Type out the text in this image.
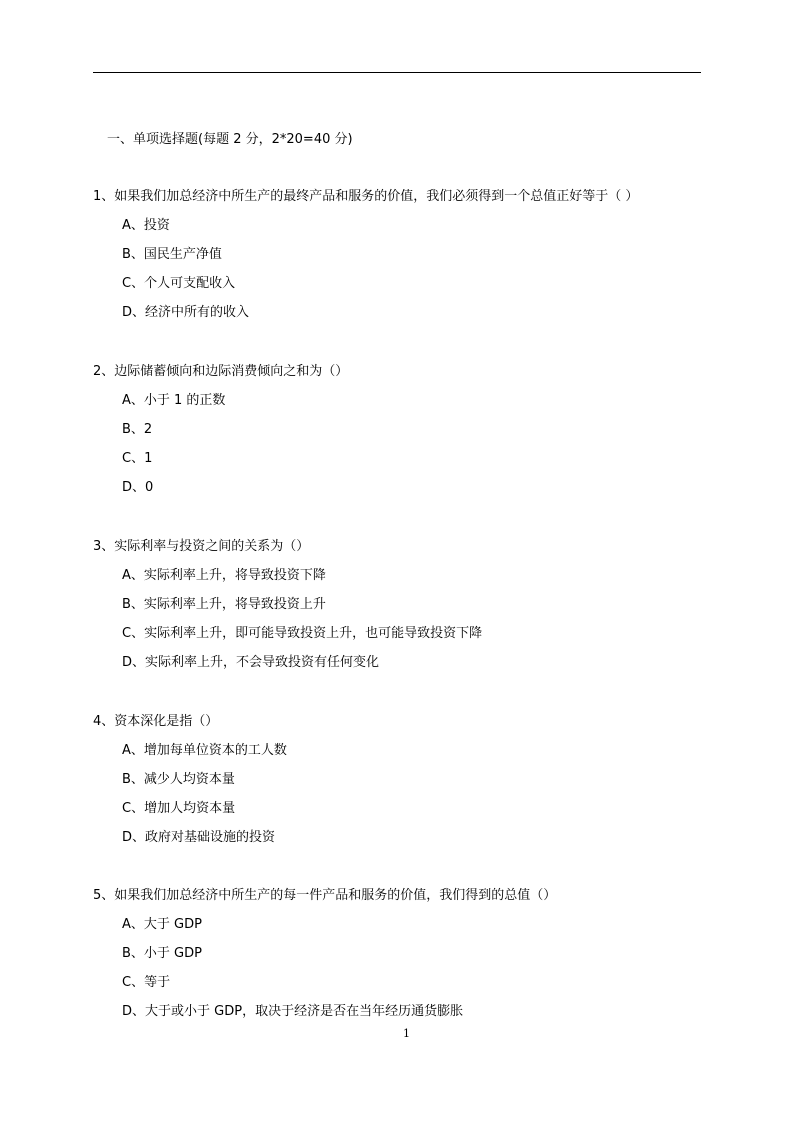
一、单项选择题(每题 2 分，2*20=40 分)
1、如果我们加总经济中所生产的最终产品和服务的价值，我们必须得到一个总值正好等于（ ）
A、投资
B、国民生产净值
C、个人可支配收入
D、经济中所有的收入
2、边际储蓄倾向和边际消费倾向之和为（）
A、小于 1 的正数
B、2
C、1
D、0
3、实际利率与投资之间的关系为（）
A、实际利率上升，将导致投资下降
B、实际利率上升，将导致投资上升
C、实际利率上升，即可能导致投资上升，也可能导致投资下降
D、实际利率上升，不会导致投资有任何变化
4、资本深化是指（）
A、增加每单位资本的工人数
B、减少人均资本量
C、增加人均资本量
D、政府对基础设施的投资
5、如果我们加总经济中所生产的每一件产品和服务的价值，我们得到的总值（）
A、大于 GDP
B、小于 GDP
C、等于
D、大于或小于 GDP，取决于经济是否在当年经历通货膨胀
1
